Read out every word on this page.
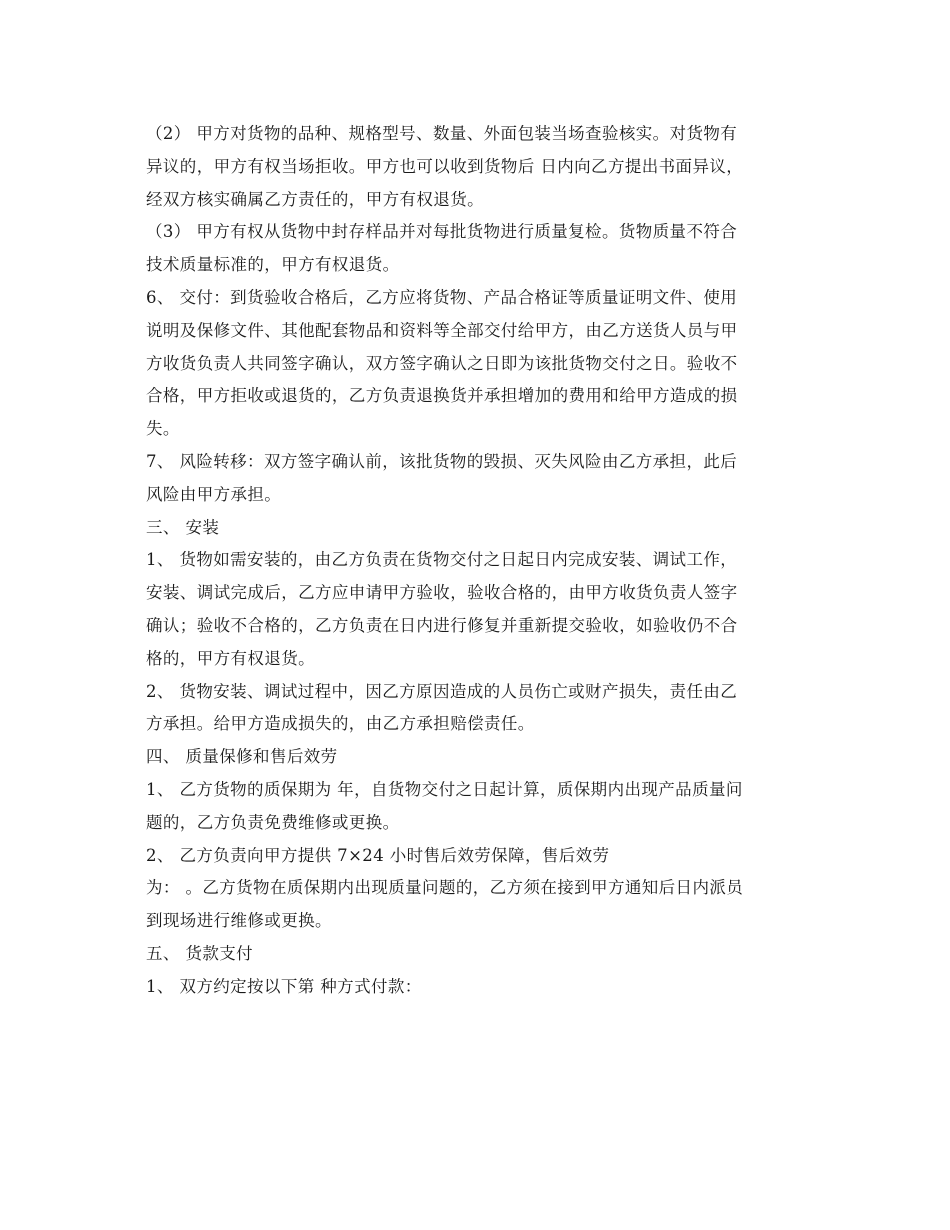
（2） 甲方对货物的品种、规格型号、数量、外面包装当场查验核实。对货物有
异议的，甲方有权当场拒收。甲方也可以收到货物后 日内向乙方提出书面异议，
经双方核实确属乙方责任的，甲方有权退货。
（3） 甲方有权从货物中封存样品并对每批货物进行质量复检。货物质量不符合
技术质量标准的，甲方有权退货。
6、 交付：到货验收合格后，乙方应将货物、产品合格证等质量证明文件、使用
说明及保修文件、其他配套物品和资料等全部交付给甲方，由乙方送货人员与甲
方收货负责人共同签字确认，双方签字确认之日即为该批货物交付之日。验收不
合格，甲方拒收或退货的，乙方负责退换货并承担增加的费用和给甲方造成的损
失。
7、 风险转移：双方签字确认前，该批货物的毁损、灭失风险由乙方承担，此后
风险由甲方承担。
三、 安装
1、 货物如需安装的，由乙方负责在货物交付之日起日内完成安装、调试工作，
安装、调试完成后，乙方应申请甲方验收，验收合格的，由甲方收货负责人签字
确认；验收不合格的，乙方负责在日内进行修复并重新提交验收，如验收仍不合
格的，甲方有权退货。
2、 货物安装、调试过程中，因乙方原因造成的人员伤亡或财产损失，责任由乙
方承担。给甲方造成损失的，由乙方承担赔偿责任。
四、 质量保修和售后效劳
1、 乙方货物的质保期为 年，自货物交付之日起计算，质保期内出现产品质量问
题的，乙方负责免费维修或更换。
2、 乙方负责向甲方提供 7×24 小时售后效劳保障，售后效劳
为： 。乙方货物在质保期内出现质量问题的，乙方须在接到甲方通知后日内派员
到现场进行维修或更换。
五、 货款支付
1、 双方约定按以下第 种方式付款：
